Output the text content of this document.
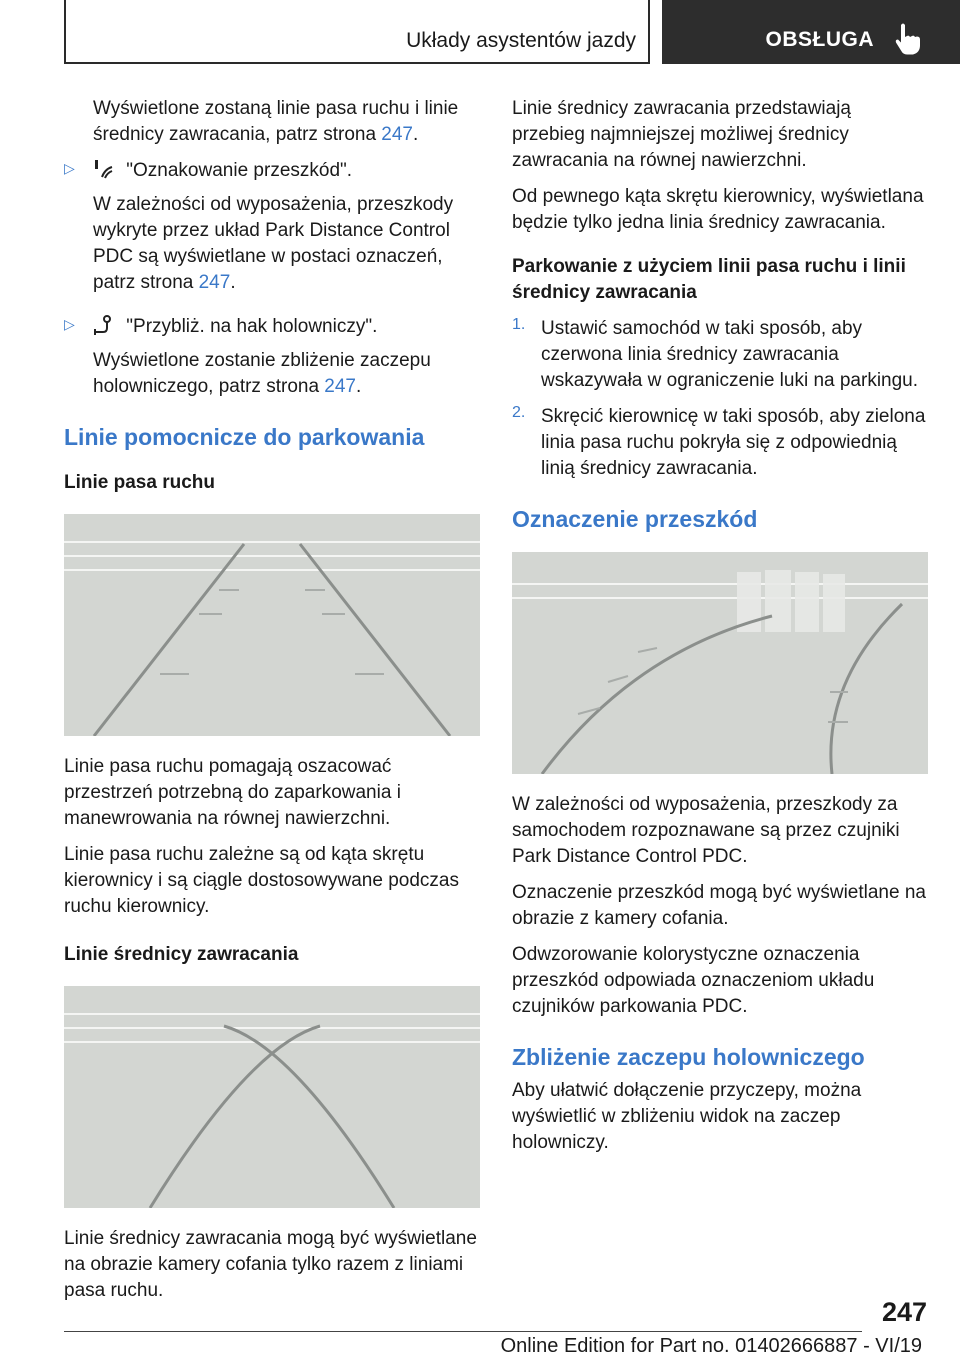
Układy asystentów jazdy	OBSŁUGA

Wyświetlone zostaną linie pasa ruchu i linie średnicy zawracania, patrz strona 247.

▷	"Oznakowanie przeszkód".

W zależności od wyposażenia, przeszkody wykryte przez układ Park Distance Control PDC są wyświetlane w postaci oznaczeń, patrz strona 247.

▷	"Przybliż. na hak holowniczy".

Wyświetlone zostanie zbliżenie zaczepu holowniczego, patrz strona 247.

Linie pomocnicze do parkowania
Linie pasa ruchu

Linie pasa ruchu pomagają oszacować przestrzeń potrzebną do zaparkowania i manewrowania na równej nawierzchni.

Linie pasa ruchu zależne są od kąta skrętu kierownicy i są ciągle dostosowywane podczas ruchu kierownicy.

Linie średnicy zawracania

Linie średnicy zawracania mogą być wyświetlane na obrazie kamery cofania tylko razem z liniami pasa ruchu.

Linie średnicy zawracania przedstawiają przebieg najmniejszej możliwej średnicy zawracania na równej nawierzchni.

Od pewnego kąta skrętu kierownicy, wyświetlana będzie tylko jedna linia średnicy zawracania.

Parkowanie z użyciem linii pasa ruchu i linii średnicy zawracania
1. Ustawić samochód w taki sposób, aby czerwona linia średnicy zawracania wskazywała w ograniczenie luki na parkingu.
2. Skręcić kierownicę w taki sposób, aby zielona linia pasa ruchu pokryła się z odpowiednią linią średnicy zawracania.
Oznaczenie przeszkód

W zależności od wyposażenia, przeszkody za samochodem rozpoznawane są przez czujniki Park Distance Control PDC.

Oznaczenie przeszkód mogą być wyświetlane na obrazie z kamery cofania.

Odwzorowanie kolorystyczne oznaczenia przeszkód odpowiada oznaczeniom układu czujników parkowania PDC.

Zbliżenie zaczepu holowniczego

Aby ułatwić dołączenie przyczepy, można wyświetlić w zbliżeniu widok na zaczep holowniczy.

247
Online Edition for Part no. 01402666887 - VI/19
